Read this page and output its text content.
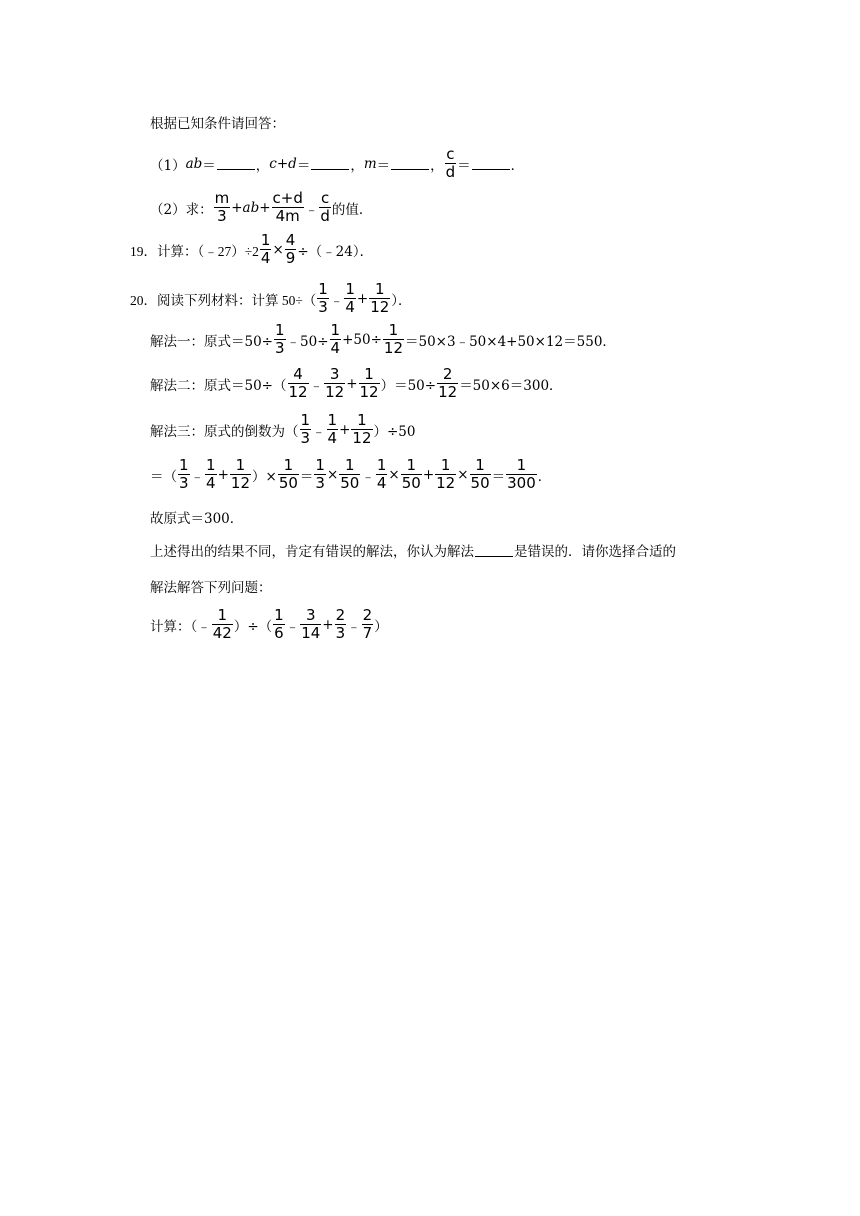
根据已知条件请回答：
（1） ab ＝	， c+d ＝	， m ＝	， $\frac{c}{d}$ ＝	．
（2）求： $\frac{m}{3} +ab+ \frac{c+d}{4m}$ ﹣ $\frac{c}{d}$ 的值．
19．计算：（﹣27）÷2 $\frac{1}{4} \times \frac{4}{9}$ ÷（﹣24）．
20．阅读下列材料：计算 $50\div( \frac{1}{3}$ ﹣ $\frac{1}{4} + \frac{1}{12}$ ）．
解法一：原式$=50\div \frac{1}{3}$ ﹣50÷ $\frac{1}{4} +50\div \frac{1}{12}$ ＝50×3﹣50×4+50×12＝550．
解法二：原式$=50\div( \frac{4}{12}$ ﹣ $\frac{3}{12} + \frac{1}{12} )=50\div \frac{2}{12} =50\times 6=300$．
解法三：原式的倒数为（ $\frac{1}{3}$ ﹣ $\frac{1}{4} + \frac{1}{12} )\div 50$
＝（ $\frac{1}{3}$ ﹣ $\frac{1}{4} + \frac{1}{12}$ ）× $\frac{1}{50} = \frac{1}{3} \times \frac{1}{50}$ ﹣ $\frac{1}{4} \times \frac{1}{50} + \frac{1}{12} \times \frac{1}{50} = \frac{1}{300}$ ．
故原式＝300．
上述得出的结果不同，肯定有错误的解法，你认为解法	是错误的．请你选择合适的
解法解答下列问题：
计算：（﹣ $\frac{1}{42}$ ）÷（ $\frac{1}{6}$ ﹣ $\frac{3}{14} + \frac{2}{3}$ ﹣ $\frac{2}{7}$ ）
